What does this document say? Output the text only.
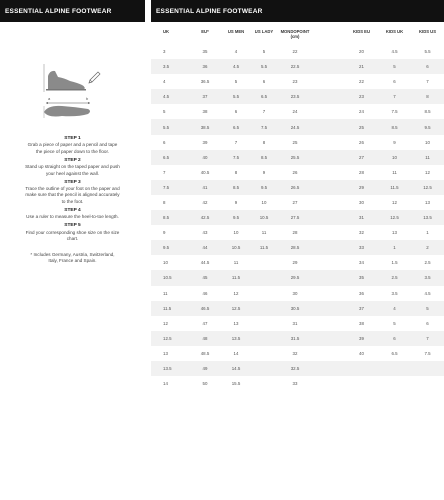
ESSENTIAL ALPINE FOOTWEAR
a	b
STEP 1
Grab a piece of paper and a pencil and tape the piece of paper down to the floor.
STEP 2
Stand up straight on the taped paper and push your heel against the wall.
STEP 3
Trace the outline of your foot on the paper and make sure that the pencil is aligned accurately to the foot.
STEP 4
Use a ruler to measure the heel-to-toe length.
STEP 5
Find your corresponding shoe size on the size chart.
* Includes Germany, Austria, Switzerland, Italy, France and Spain.
ESSENTIAL ALPINE FOOTWEAR
UK	EU*	US MEN	US LADY	MONDOPOINT (cm)		KIDS EU	KIDS UK	KIDS US
3	35	4	5	22		20	4.5	5.5
3.5	36	4.5	5.5	22.5		21	5	6
4	36.5	5	6	23		22	6	7
4.5	37	5.5	6.5	23.5		23	7	8
5	38	6	7	24		24	7.5	8.5
5.5	38.5	6.5	7.5	24.5		25	8.5	9.5
6	39	7	8	25		26	9	10
6.5	40	7.5	8.5	25.5		27	10	11
7	40.5	8	9	26		28	11	12
7.5	41	8.5	9.5	26.5		29	11.5	12.5
8	42	9	10	27		30	12	13
8.5	42.5	9.5	10.5	27.5		31	12.5	13.5
9	43	10	11	28		32	13	1
9.5	44	10.5	11.5	28.5		33	1	2
10	44.5	11		29		34	1.5	2.5
10.5	45	11.5		29.5		35	2.5	3.5
11	46	12		30		36	3.5	4.5
11.5	46.5	12.5		30.5		37	4	5
12	47	13		31		38	5	6
12.5	48	13.5		31.5		39	6	7
13	48.5	14		32		40	6.5	7.5
13.5	49	14.5		32.5				
14	50	15.5		33				
